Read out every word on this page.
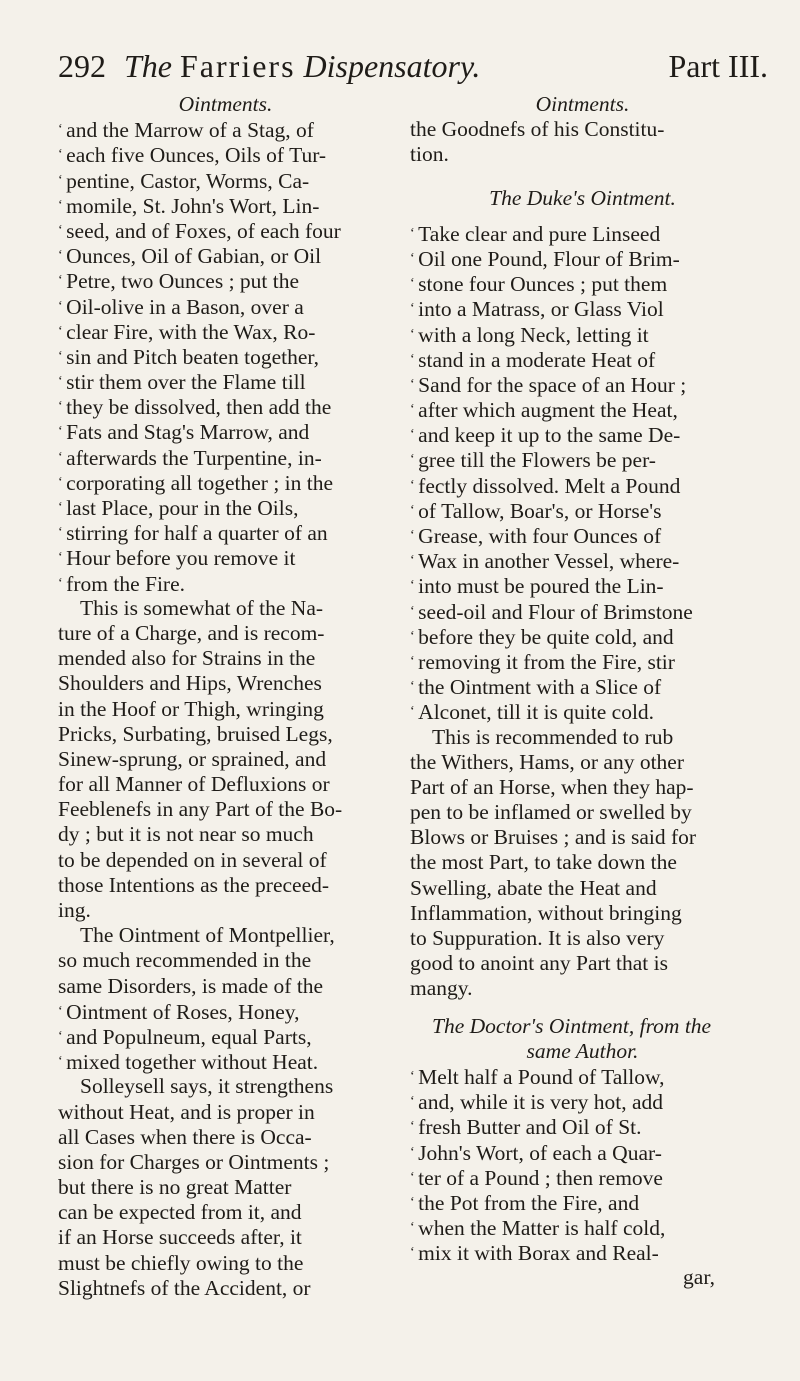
292 The Farriers Dispensatory.	Part III.
Ointments.
‘ and the Marrow of a Stag, of
‘ each five Ounces, Oils of Tur-
‘ pentine, Castor, Worms, Ca-
‘ momile, St. John's Wort, Lin-
‘ seed, and of Foxes, of each four
‘ Ounces, Oil of Gabian, or Oil
‘ Petre, two Ounces ; put the
‘ Oil-olive in a Bason, over a
‘ clear Fire, with the Wax, Ro-
‘ sin and Pitch beaten together,
‘ stir them over the Flame till
‘ they be dissolved, then add the
‘ Fats and Stag's Marrow, and
‘ afterwards the Turpentine, in-
‘ corporating all together ; in the
‘ last Place, pour in the Oils,
‘ stirring for half a quarter of an
‘ Hour before you remove it
‘ from the Fire.
This is somewhat of the Na-
ture of a Charge, and is recom-
mended also for Strains in the
Shoulders and Hips, Wrenches
in the Hoof or Thigh, wringing
Pricks, Surbating, bruised Legs,
Sinew-sprung, or sprained, and
for all Manner of Defluxions or
Feeblenefs in any Part of the Bo-
dy ; but it is not near so much
to be depended on in several of
those Intentions as the preceed-
ing.
The Ointment of Montpellier,
so much recommended in the
same Disorders, is made of the
‘ Ointment of Roses, Honey,
‘ and Populneum, equal Parts,
‘ mixed together without Heat.
Solleysell says, it strengthens
without Heat, and is proper in
all Cases when there is Occa-
sion for Charges or Ointments ;
but there is no great Matter
can be expected from it, and
if an Horse succeeds after, it
must be chiefly owing to the
Slightnefs of the Accident, or
Ointments.
the Goodnefs of his Constitu-
tion.
The Duke's Ointment.
‘ Take clear and pure Linseed
‘ Oil one Pound, Flour of Brim-
‘ stone four Ounces ; put them
‘ into a Matrass, or Glass Viol
‘ with a long Neck, letting it
‘ stand in a moderate Heat of
‘ Sand for the space of an Hour ;
‘ after which augment the Heat,
‘ and keep it up to the same De-
‘ gree till the Flowers be per-
‘ fectly dissolved. Melt a Pound
‘ of Tallow, Boar's, or Horse's
‘ Grease, with four Ounces of
‘ Wax in another Vessel, where-
‘ into must be poured the Lin-
‘ seed-oil and Flour of Brimstone
‘ before they be quite cold, and
‘ removing it from the Fire, stir
‘ the Ointment with a Slice of
‘ Alconet, till it is quite cold.
This is recommended to rub
the Withers, Hams, or any other
Part of an Horse, when they hap-
pen to be inflamed or swelled by
Blows or Bruises ; and is said for
the most Part, to take down the
Swelling, abate the Heat and
Inflammation, without bringing
to Suppuration. It is also very
good to anoint any Part that is
mangy.
The Doctor's Ointment, from the
same Author.
‘ Melt half a Pound of Tallow,
‘ and, while it is very hot, add
‘ fresh Butter and Oil of St.
‘ John's Wort, of each a Quar-
‘ ter of a Pound ; then remove
‘ the Pot from the Fire, and
‘ when the Matter is half cold,
‘ mix it with Borax and Real-
gar,
